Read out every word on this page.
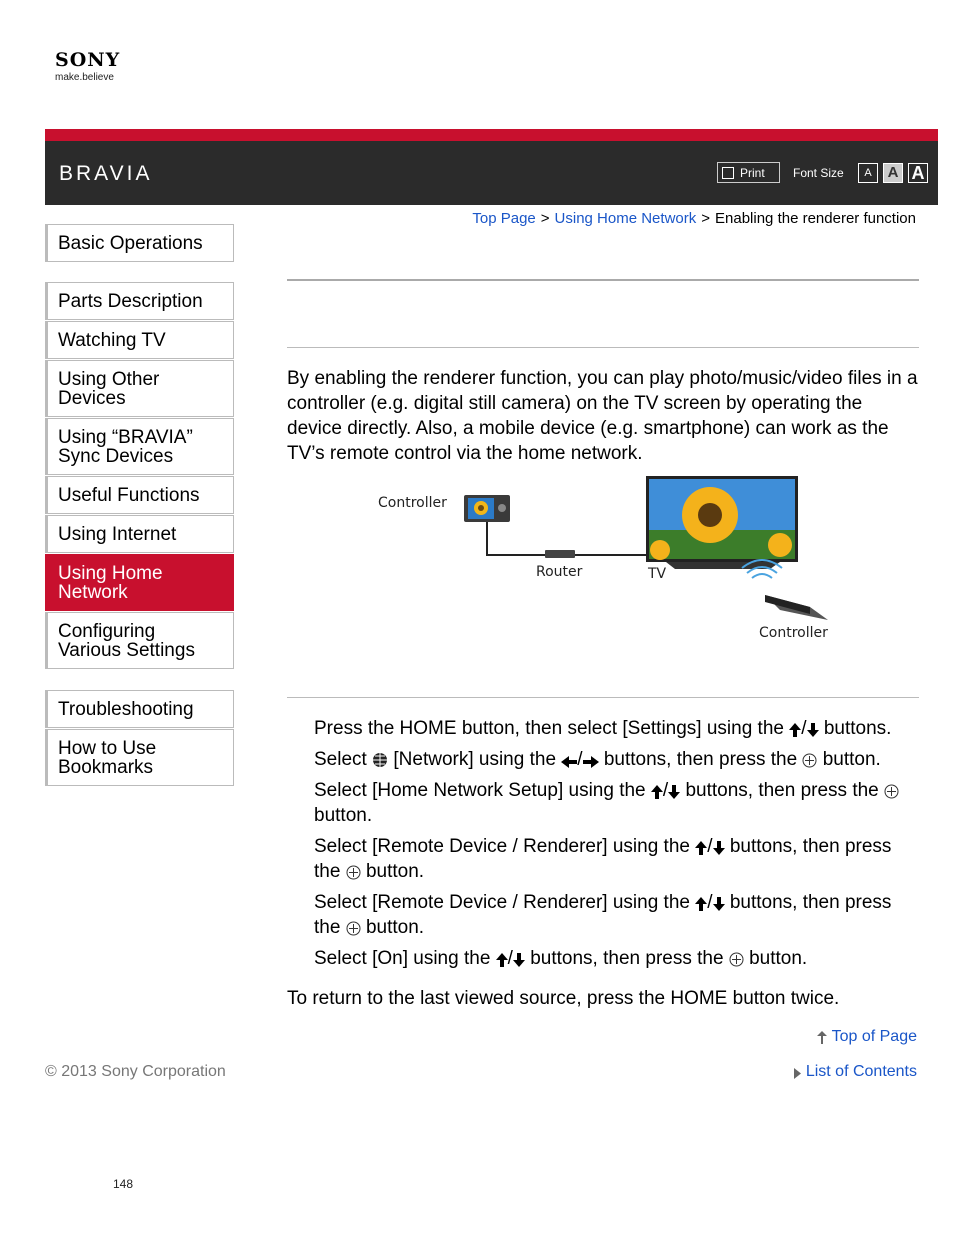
SONY
make.believe
BRAVIA	Print Font Size	A	A A
Top Page > Using Home Network > Enabling the renderer function
Basic Operations
Parts Description
Watching TV
Using Other Devices
Using “BRAVIA” Sync Devices
Useful Functions
Using Internet
Using Home Network
Configuring Various Settings
Troubleshooting
How to Use Bookmarks

By enabling the renderer function, you can play photo/music/video files in a controller (e.g. digital still camera) on the TV screen by operating the device directly. Also, a mobile device (e.g. smartphone) can work as the TV’s remote control via the home network.

Controller
Router	TV
Controller
Press the HOME button, then select [Settings] using the / buttons.
Select [Network] using the / buttons, then press the button.
Select [Home Network Setup] using the / buttons, then press the  button.
Select [Remote Device / Renderer] using the / buttons, then press the button.
Select [Remote Device / Renderer] using the / buttons, then press the button.
Select [On] using the / buttons, then press the button.

To return to the last viewed source, press the HOME button twice.

Top of Page
© 2013 Sony Corporation	List of Contents
148
